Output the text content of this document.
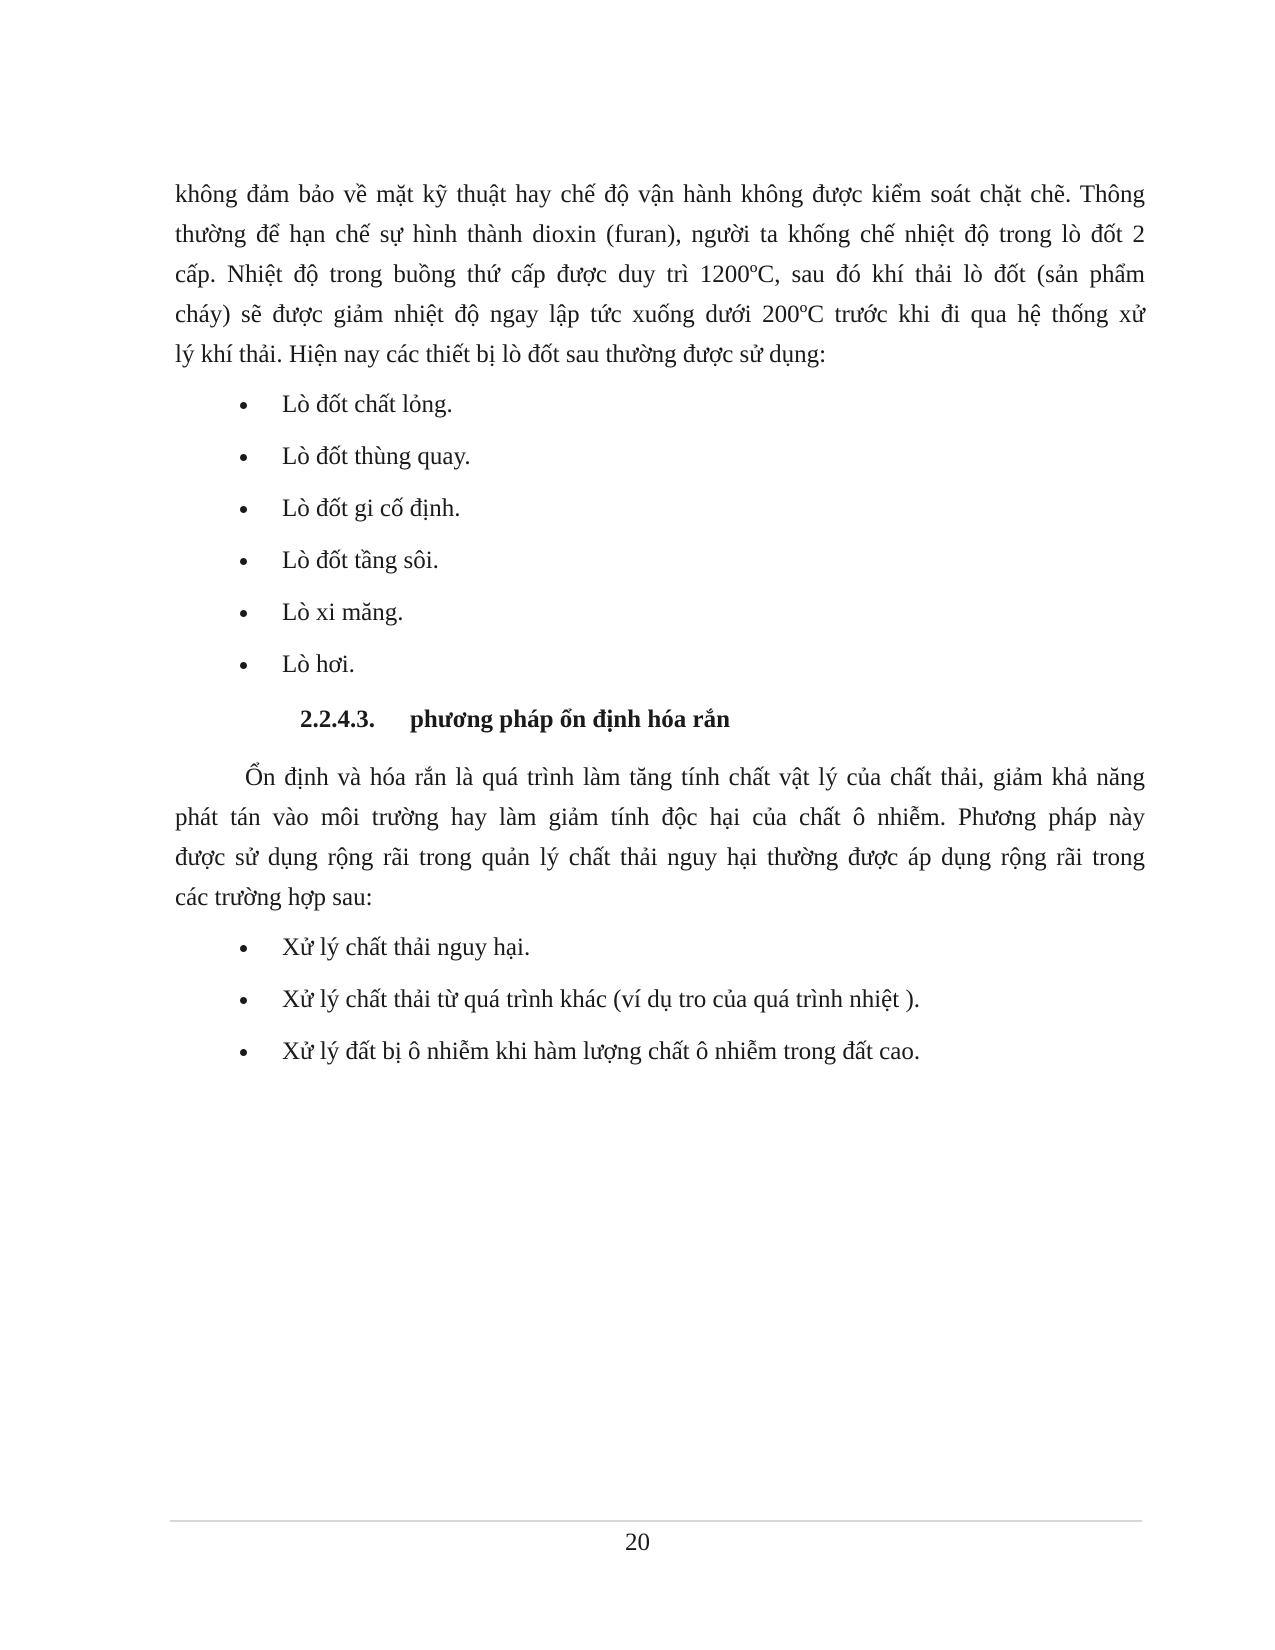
không đảm bảo về mặt kỹ thuật hay chế độ vận hành không được kiểm soát chặt chẽ. Thông
thường để hạn chế sự hình thành dioxin (furan), người ta khống chế nhiệt độ trong lò đốt 2
cấp. Nhiệt độ trong buồng thứ cấp được duy trì 1200ºC, sau đó khí thải lò đốt (sản phẩm
cháy) sẽ được giảm nhiệt độ ngay lập tức xuống dưới 200ºC trước khi đi qua hệ thống xử
lý khí thải. Hiện nay các thiết bị lò đốt sau thường được sử dụng:
Lò đốt chất lỏng.
Lò đốt thùng quay.
Lò đốt gi cố định.
Lò đốt tầng sôi.
Lò xi măng.
Lò hơi.
2.2.4.3. phương pháp ổn định hóa rắn
Ổn định và hóa rắn là quá trình làm tăng tính chất vật lý của chất thải, giảm khả năng
phát tán vào môi trường hay làm giảm tính độc hại của chất ô nhiễm. Phương pháp này
được sử dụng rộng rãi trong quản lý chất thải nguy hại thường được áp dụng rộng rãi trong
các trường hợp sau:
Xử lý chất thải nguy hại.
Xử lý chất thải từ quá trình khác (ví dụ tro của quá trình nhiệt ).
Xử lý đất bị ô nhiễm khi hàm lượng chất ô nhiễm trong đất cao.
20
